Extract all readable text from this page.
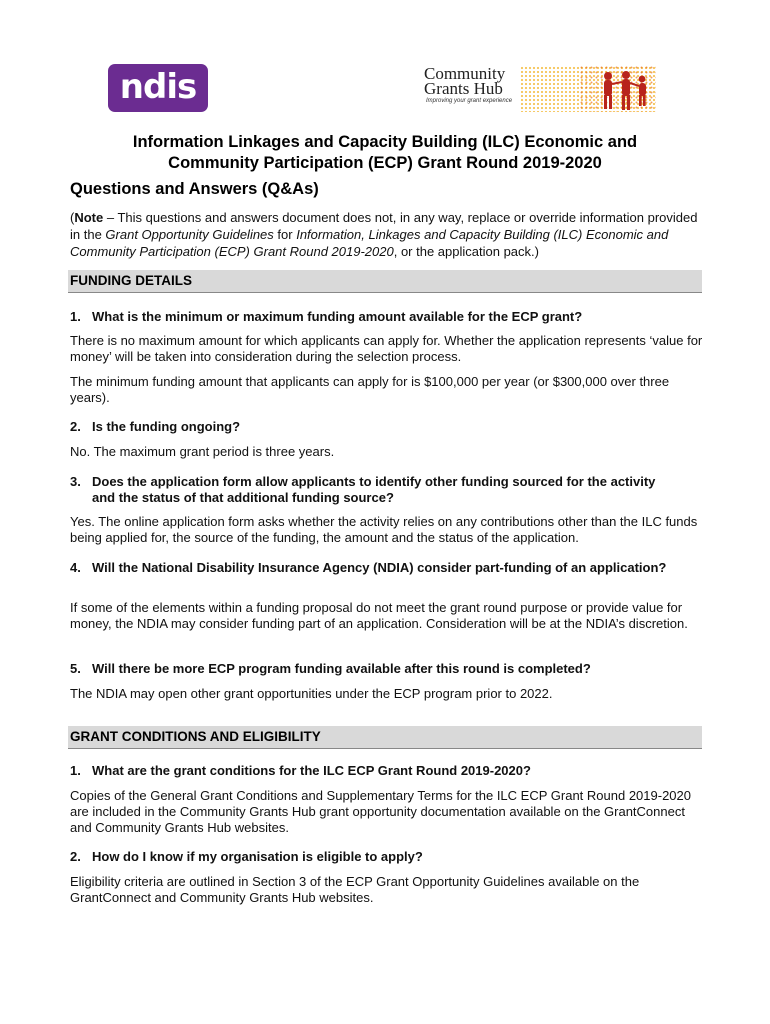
ndis	Community
Grants Hub
Improving your grant experience
Information Linkages and Capacity Building (ILC) Economic and
Community Participation (ECP) Grant Round 2019-2020
Questions and Answers (Q&As)
(Note – This questions and answers document does not, in any way, replace or override information provided in the Grant Opportunity Guidelines for Information, Linkages and Capacity Building (ILC) Economic and Community Participation (ECP) Grant Round 2019-2020, or the application pack.)
FUNDING DETAILS
1. What is the minimum or maximum funding amount available for the ECP grant?
There is no maximum amount for which applicants can apply for. Whether the application represents ‘value for money’ will be taken into consideration during the selection process.
The minimum funding amount that applicants can apply for is $100,000 per year (or $300,000 over three years).
2. Is the funding ongoing?
No. The maximum grant period is three years.
3. Does the application form allow applicants to identify other funding sourced for the activity and the status of that additional funding source?
Yes. The online application form asks whether the activity relies on any contributions other than the ILC funds being applied for, the source of the funding, the amount and the status of the application.
4. Will the National Disability Insurance Agency (NDIA) consider part-funding of an application?
If some of the elements within a funding proposal do not meet the grant round purpose or provide value for money, the NDIA may consider funding part of an application. Consideration will be at the NDIA’s discretion.
5. Will there be more ECP program funding available after this round is completed?
The NDIA may open other grant opportunities under the ECP program prior to 2022.
GRANT CONDITIONS AND ELIGIBILITY
1. What are the grant conditions for the ILC ECP Grant Round 2019-2020?
Copies of the General Grant Conditions and Supplementary Terms for the ILC ECP Grant Round 2019-2020 are included in the Community Grants Hub grant opportunity documentation available on the GrantConnect and Community Grants Hub websites.
2. How do I know if my organisation is eligible to apply?
Eligibility criteria are outlined in Section 3 of the ECP Grant Opportunity Guidelines available on the GrantConnect and Community Grants Hub websites.
